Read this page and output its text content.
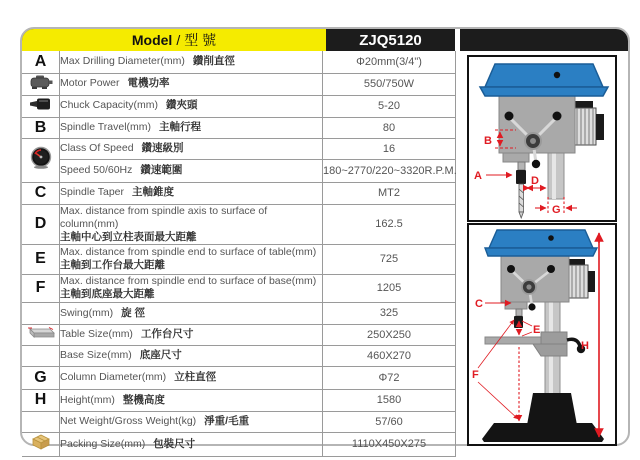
Model / 型 號	ZJQ5120
A	Max Drilling Diameter(mm) 鑽削直徑	Φ20mm(3/4")
	Motor Power 電機功率	550/750W
	Chuck Capacity(mm) 鑽夾頭	5-20
B	Spindle Travel(mm) 主軸行程	80
	Class Of Speed 鑽速級別	16
	Speed 50/60Hz 鑽速範圍	180~2770/220~3320R.P.M.
C	Spindle Taper 主軸錐度	MT2
D	Max. distance from spindle axis to surface of column(mm)
主軸中心到立柱表面最大距離	162.5
E	Max. distance from spindle end to surface of table(mm)
主軸到工作台最大距離	725
F	Max. distance from spindle end to surface of base(mm)
主軸到底座最大距離	1205
	Swing(mm) 旋 徑	325
	Table Size(mm) 工作台尺寸	250X250
	Base Size(mm) 底座尺寸	460X270
G	Column Diameter(mm) 立柱直徑	Φ72
H	Height(mm) 整機高度	1580
	Net Weight/Gross Weight(kg) 淨重/毛重	57/60
	Packing Size(mm) 包裝尺寸	1110X450X275
B
A	D
G
C
E
F
H
